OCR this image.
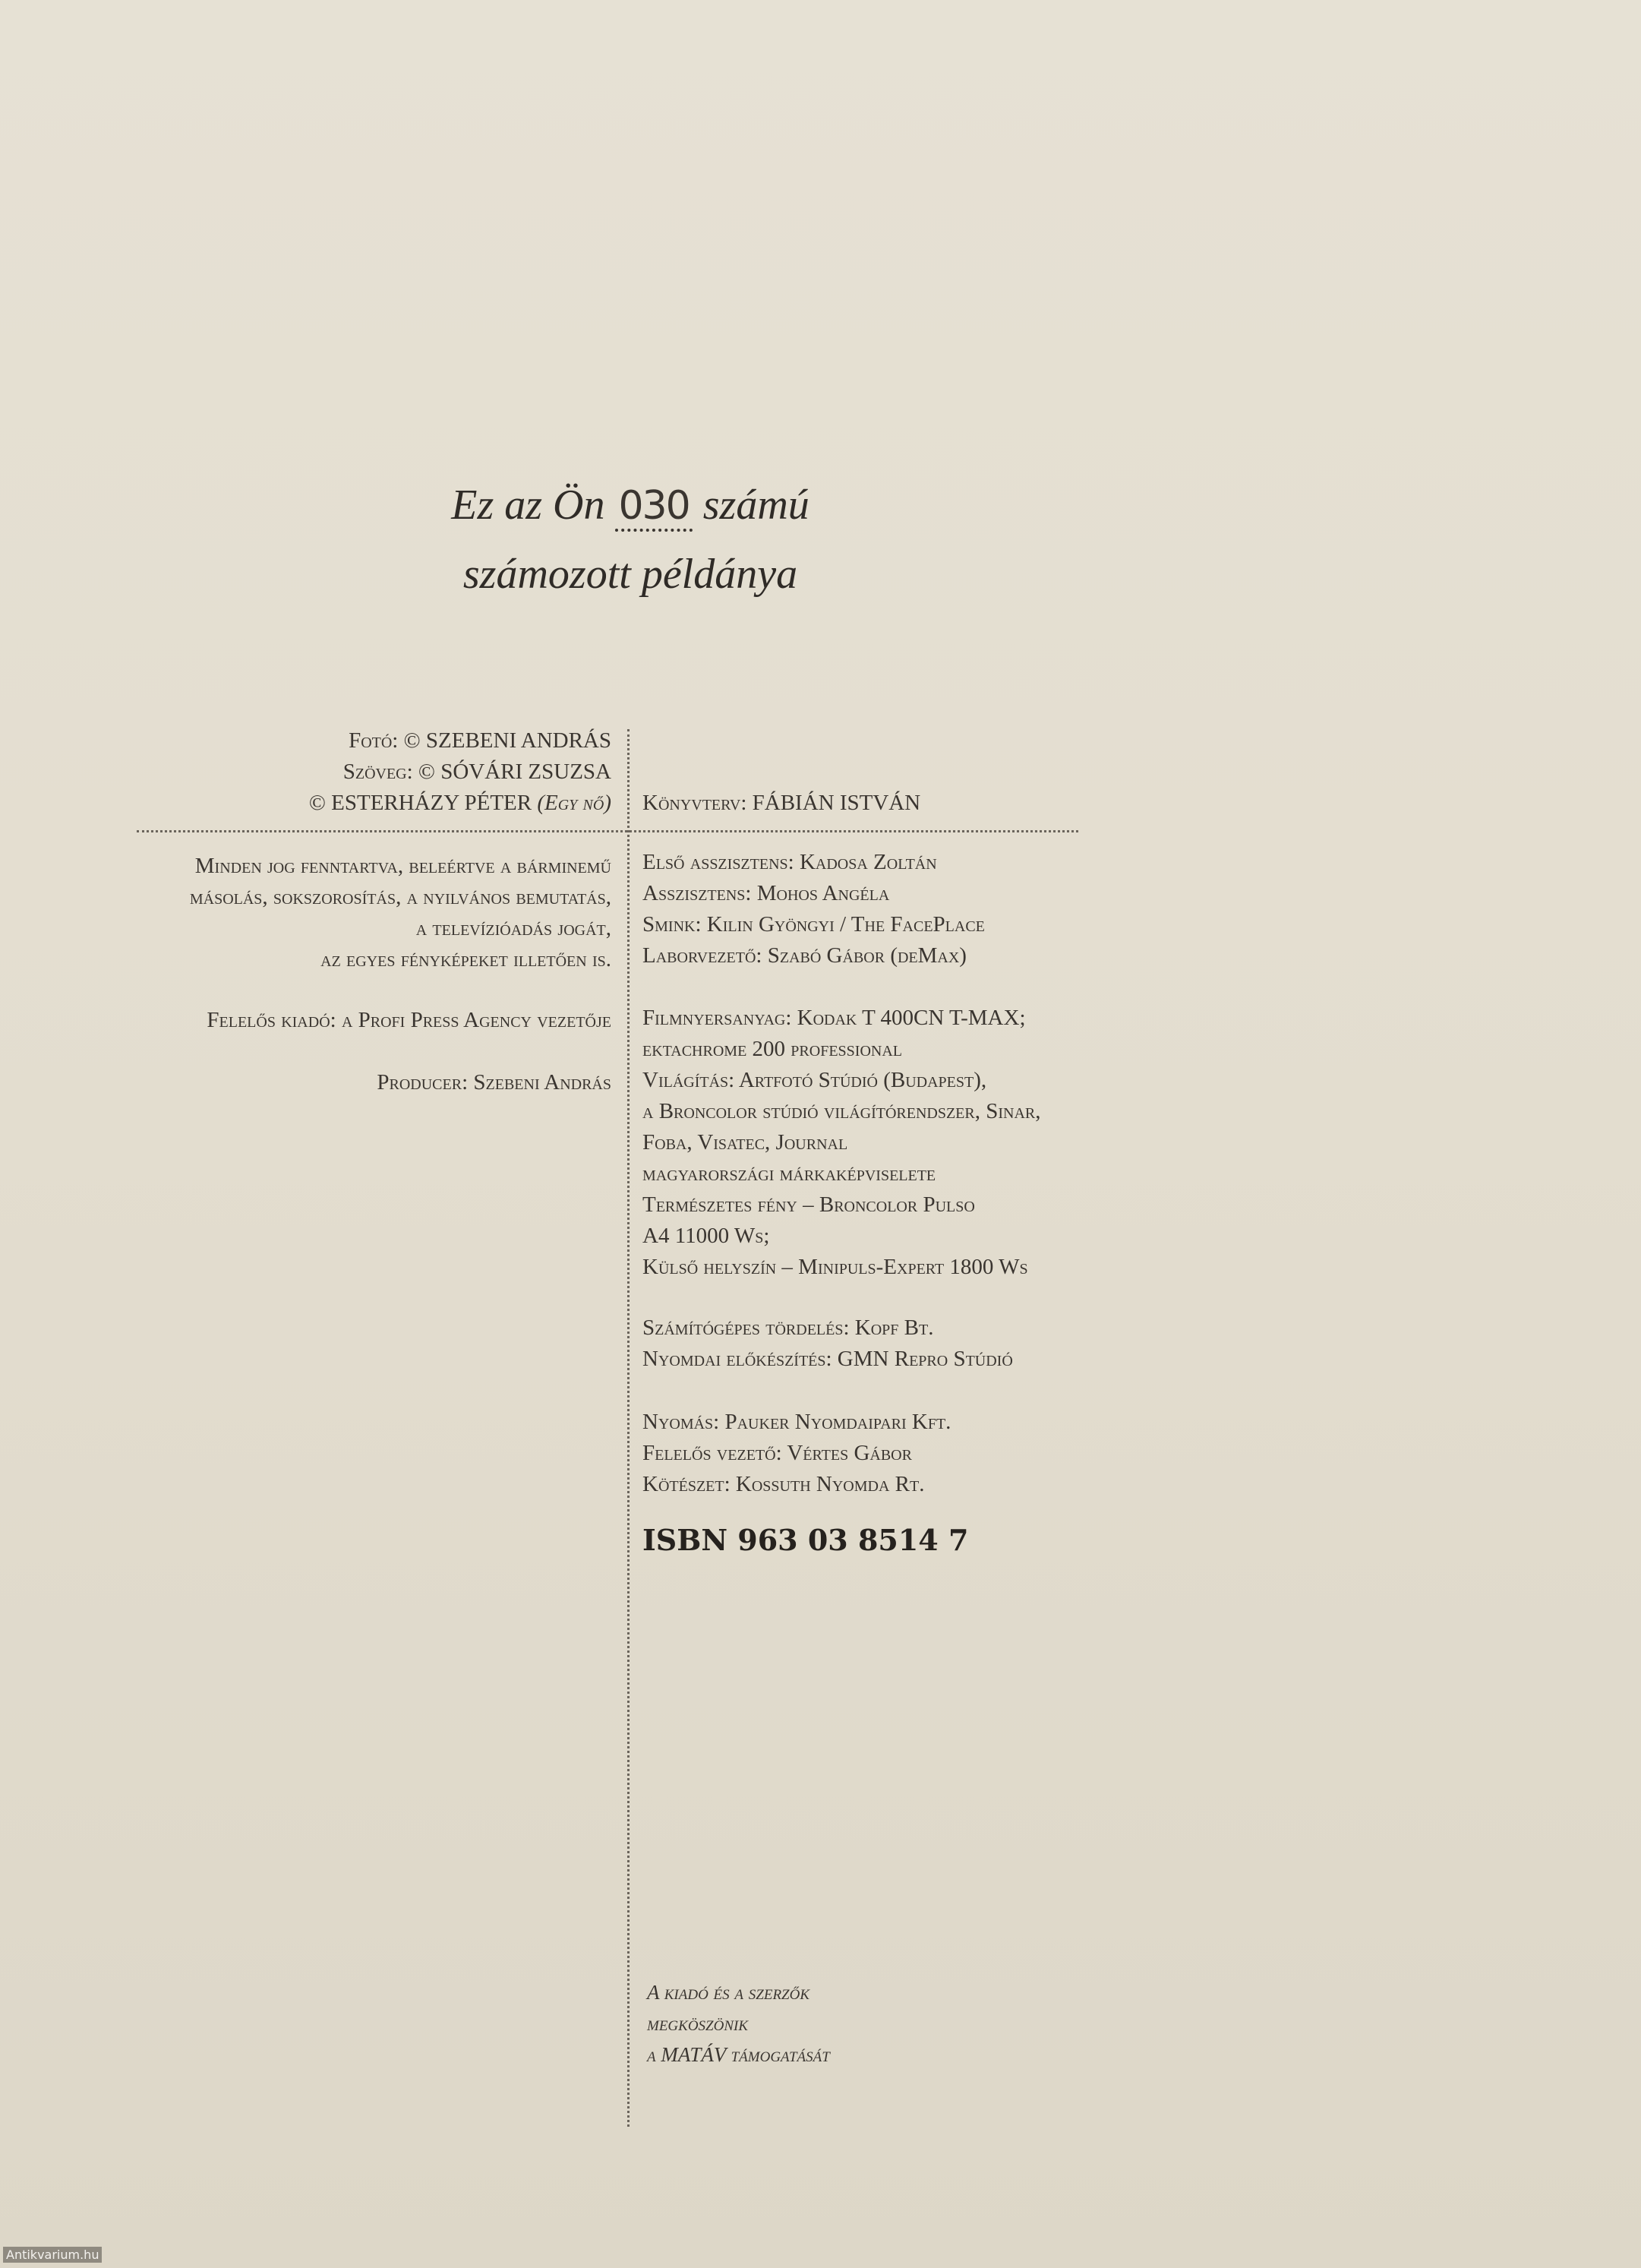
Ez az Ön 030 számú
számozott példánya
Fotó: © SZEBENI ANDRÁS
Szöveg: © SÓVÁRI ZSUZSA
© ESTERHÁZY PÉTER (Egy nő) Könyvterv: FÁBIÁN ISTVÁN
Minden jog fenntartva, beleértve a bárminemű
másolás, sokszorosítás, a nyilvános bemutatás,
a televízióadás jogát,
az egyes fényképeket illetően is.
Felelős kiadó: a Profi Press Agency vezetője
Producer: Szebeni András
Első asszisztens: Kadosa Zoltán
Asszisztens: Mohos Angéla
Smink: Kilin Gyöngyi / The FacePlace
Laborvezető: Szabó Gábor (deMax)
Filmnyersanyag: Kodak T 400CN T-MAX;
ektachrome 200 professional
Világítás: Artfotó Stúdió (Budapest),
a Broncolor stúdió világítórendszer, Sinar,
Foba, Visatec, Journal
magyarországi márkaképviselete
Természetes fény – Broncolor Pulso
A4 11000 Ws;
Külső helyszín – Minipuls-Expert 1800 Ws
Számítógépes tördelés: Kopf Bt.
Nyomdai előkészítés: GMN Repro Stúdió
Nyomás: Pauker Nyomdaipari Kft.
Felelős vezető: Vértes Gábor
Kötészet: Kossuth Nyomda Rt.
ISBN 963 03 8514 7
A kiadó és a szerzők
megköszönik
a MATÁV támogatását
Antikvarium.hu
